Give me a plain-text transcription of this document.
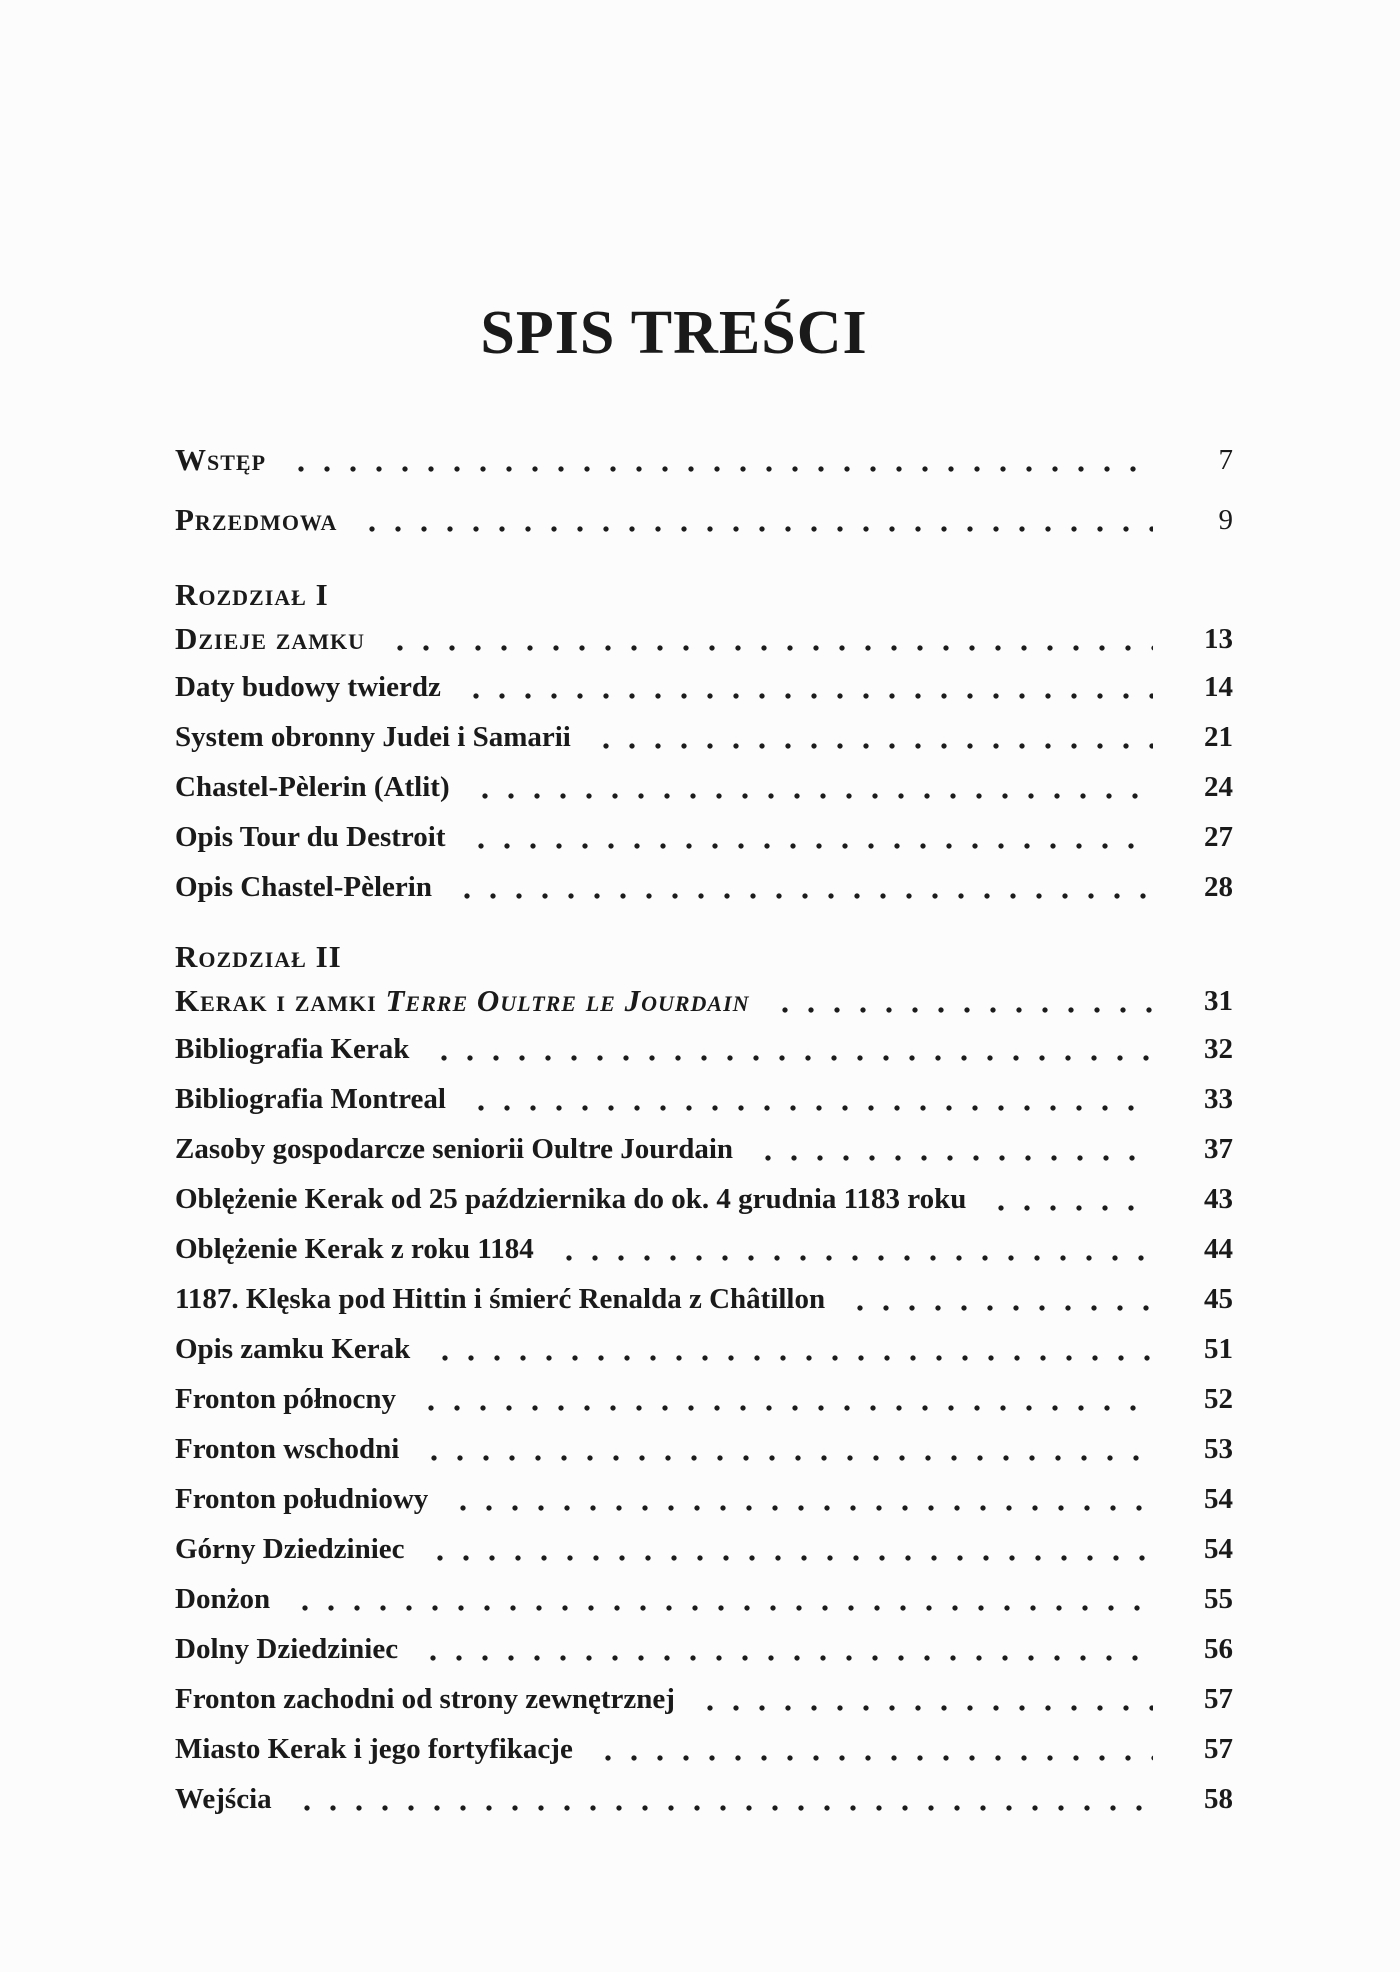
SPIS TREŚCI
Wstęp	7
Przedmowa	9
Rozdział I
Dzieje zamku	13
Daty budowy twierdz	14
System obronny Judei i Samarii	21
Chastel-Pèlerin (Atlit)	24
Opis Tour du Destroit	27
Opis Chastel-Pèlerin	28
Rozdział II
Kerak i zamki Terre Oultre le Jourdain	31
Bibliografia Kerak	32
Bibliografia Montreal	33
Zasoby gospodarcze seniorii Oultre Jourdain	37
Oblężenie Kerak od 25 października do ok. 4 grudnia 1183 roku	43
Oblężenie Kerak z roku 1184	44
1187. Klęska pod Hittin i śmierć Renalda z Châtillon	45
Opis zamku Kerak	51
Fronton północny	52
Fronton wschodni	53
Fronton południowy	54
Górny Dziedziniec	54
Donżon	55
Dolny Dziedziniec	56
Fronton zachodni od strony zewnętrznej	57
Miasto Kerak i jego fortyfikacje	57
Wejścia	58
